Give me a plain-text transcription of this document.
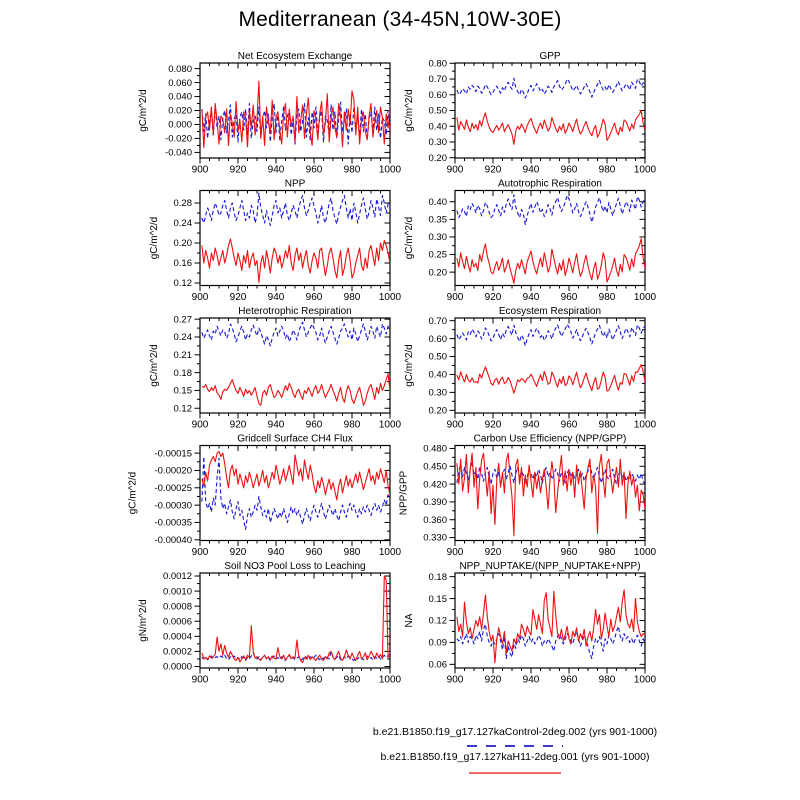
Mediterranean (34-45N,10W-30E)
900 920 940 960 980 1000
-0.040
-0.020
0.000
0.020
0.040
0.060
0.080
Net Ecosystem Exchange
gC/m^2/d
900 920 940 960 980 1000
0.20
0.30
0.40
0.50
0.60
0.70
0.80
GPP
gC/m^2/d
900 920 940 960 980 1000
0.12
0.16
0.20
0.24
0.28
NPP
gC/m^2/d
900 920 940 960 980 1000
0.20
0.25
0.30
0.35
0.40
Autotrophic Respiration
gC/m^2/d
900 920 940 960 980 1000
0.12
0.15
0.18
0.21
0.24
0.27
Heterotrophic Respiration
gC/m^2/d
900 920 940 960 980 1000
0.20
0.30
0.40
0.50
0.60
0.70
Ecosystem Respiration
gC/m^2/d
900 920 940 960 980 1000
-0.00040
-0.00035
-0.00030
-0.00025
-0.00020
-0.00015
Gridcell Surface CH4 Flux
gC/m^2/d
900 920 940 960 980 1000
0.330
0.360
0.390
0.420
0.450
0.480
Carbon Use Efficiency (NPP/GPP)
NPP/GPP
900 920 940 960 980 1000
0.0000
0.0002
0.0004
0.0006
0.0008
0.0010
0.0012
Soil NO3 Pool Loss to Leaching
gN/m^2/d
900 920 940 960 980 1000
0.06
0.09
0.12
0.15
0.18
NPP_NUPTAKE/(NPP_NUPTAKE+NPP)
NA
b.e21.B1850.f19_g17.127kaControl-2deg.002 (yrs 901-1000)
b.e21.B1850.f19_g17.127kaH11-2deg.001 (yrs 901-1000)
